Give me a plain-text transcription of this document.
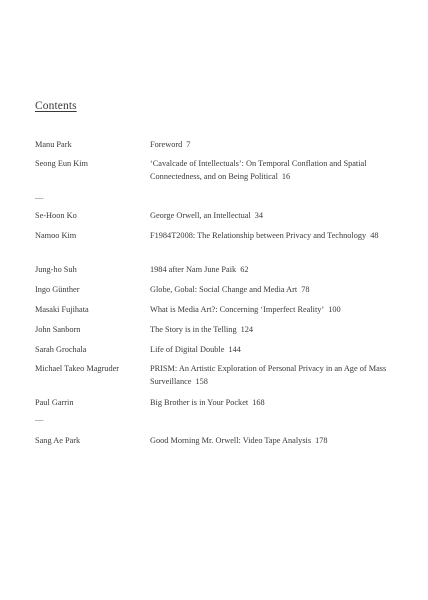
Contents
Manu Park	Foreword 7
Seong Eun Kim	‘Cavalcade of Intellectuals’: On Temporal Conflation and Spatial Connectedness, and on Being Political 16
—
Se-Hoon Ko	George Orwell, an Intellectual 34
Namoo Kim	F1984T2008: The Relationship between Privacy and Technology 48
Jung-ho Suh	1984 after Nam June Paik 62
Ingo Günther	Globe, Gobal: Social Change and Media Art 78
Masaki Fujihata	What is Media Art?: Concerning ‘Imperfect Reality’ 100
John Sanborn	The Story is in the Telling 124
Sarah Grochala	Life of Digital Double 144
Michael Takeo Magruder	PRISM: An Artistic Exploration of Personal Privacy in an Age of Mass Surveillance 158
Paul Garrin	Big Brother is in Your Pocket 168
—
Sang Ae Park	Good Morning Mr. Orwell: Video Tape Analysis 178
